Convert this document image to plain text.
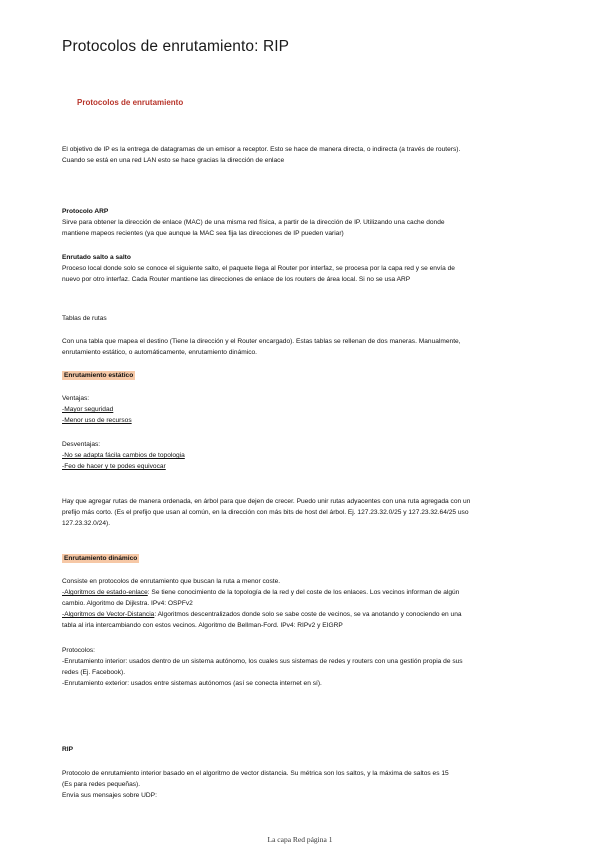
Protocolos de enrutamiento: RIP
Protocolos de enrutamiento
El objetivo de IP es la entrega de datagramas de un emisor a receptor. Esto se hace de manera directa, o indirecta (a través de routers).
Cuando se está en una red LAN esto se hace gracias la dirección de enlace
Protocolo ARP
Sirve para obtener la dirección de enlace (MAC) de una misma red física, a partir de la dirección de IP. Utilizando una cache donde
mantiene mapeos recientes (ya que aunque la MAC sea fija las direcciones de IP pueden variar)
Enrutado salto a salto
Proceso local donde solo se conoce el siguiente salto, el paquete llega al Router por interfaz, se procesa por la capa red y se envía de
nuevo por otro interfaz. Cada Router mantiene las direcciones de enlace de los routers de área local. Si no se usa ARP
Tablas de rutas
Con una tabla que mapea el destino (Tiene la dirección y el Router encargado). Estas tablas se rellenan de dos maneras. Manualmente,
enrutamiento estático, o automáticamente, enrutamiento dinámico.
Enrutamiento estático
Ventajas:
-Mayor seguridad
-Menor uso de recursos
Desventajas:
-No se adapta fácila cambios de topologia
-Feo de hacer y te podes equivocar
Hay que agregar rutas de manera ordenada, en árbol para que dejen de crecer. Puedo unir rutas adyacentes con una ruta agregada con un
prefijo más corto. (Es el prefijo que usan al común, en la dirección con más bits de host del árbol. Ej. 127.23.32.0/25 y 127.23.32.64/25 uso
127.23.32.0/24).
Enrutamiento dinámico
Consiste en protocolos de enrutamiento que buscan la ruta a menor coste.
-Algoritmos de estado-enlace: Se tiene conocimiento de la topología de la red y del coste de los enlaces. Los vecinos informan de algún
cambio. Algoritmo de Dijkstra. IPv4: OSPFv2
-Algoritmos de Vector-Distancia: Algoritmos descentralizados donde solo se sabe coste de vecinos, se va anotando y conociendo en una
tabla al irla intercambiando con estos vecinos. Algoritmo de Bellman-Ford. IPv4: RIPv2 y EIGRP
Protocolos:
-Enrutamiento interior: usados dentro de un sistema autónomo, los cuales sus sistemas de redes y routers con una gestión propia de sus
redes (Ej. Facebook).
-Enrutamiento exterior: usados entre sistemas autónomos (así se conecta internet en sí).
RIP
Protocolo de enrutamiento interior basado en el algoritmo de vector distancia. Su métrica son los saltos, y la máxima de saltos es 15
(Es para redes pequeñas).
Envía sus mensajes sobre UDP:
La capa Red página 1
